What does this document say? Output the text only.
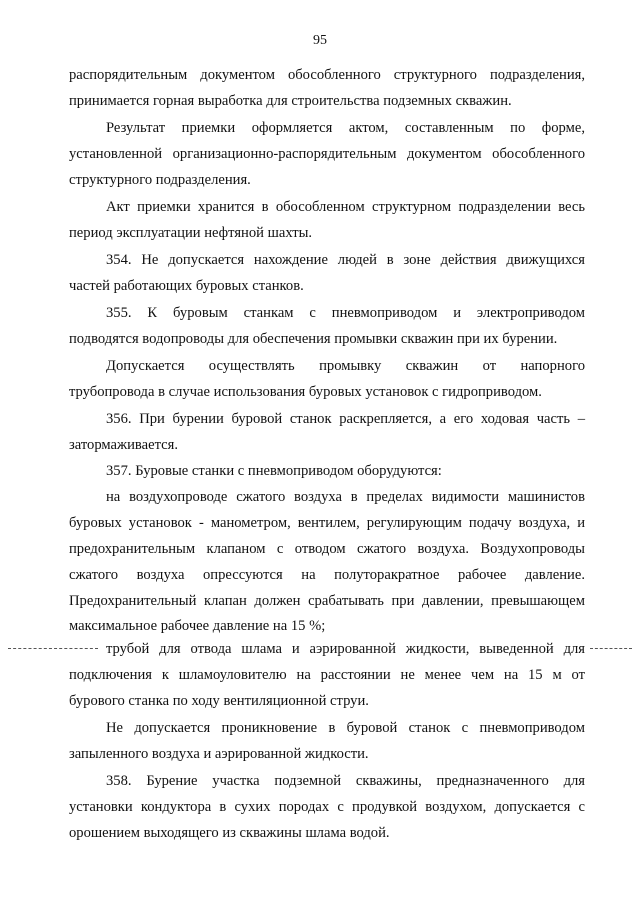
95
распорядительным документом обособленного структурного подразделения,
принимается горная выработка для строительства подземных скважин.
Результат приемки оформляется актом, составленным по форме,
установленной организационно-распорядительным документом обособленного
структурного подразделения.
Акт приемки хранится в обособленном структурном подразделении весь
период эксплуатации нефтяной шахты.
354. Не допускается нахождение людей в зоне действия движущихся
частей работающих буровых станков.
355. К буровым станкам с пневмоприводом и электроприводом
подводятся водопроводы для обеспечения промывки скважин при их бурении.
Допускается осуществлять промывку скважин от напорного
трубопровода в случае использования буровых установок с гидроприводом.
356. При бурении буровой станок раскрепляется, а его ходовая часть –
затормаживается.
357. Буровые станки с пневмоприводом оборудуются:
на воздухопроводе сжатого воздуха в пределах видимости машинистов
буровых установок - манометром, вентилем, регулирующим подачу воздуха, и
предохранительным клапаном с отводом сжатого воздуха. Воздухопроводы
сжатого воздуха опрессуются на полуторакратное рабочее давление.
Предохранительный клапан должен срабатывать при давлении, превышающем
максимальное рабочее давление на 15 %;
трубой для отвода шлама и аэрированной жидкости, выведенной для
подключения к шламоуловителю на расстоянии не менее чем на 15 м от
бурового станка по ходу вентиляционной струи.
Не допускается проникновение в буровой станок с пневмоприводом
запыленного воздуха и аэрированной жидкости.
358. Бурение участка подземной скважины, предназначенного для
установки кондуктора в сухих породах с продувкой воздухом, допускается с
орошением выходящего из скважины шлама водой.
